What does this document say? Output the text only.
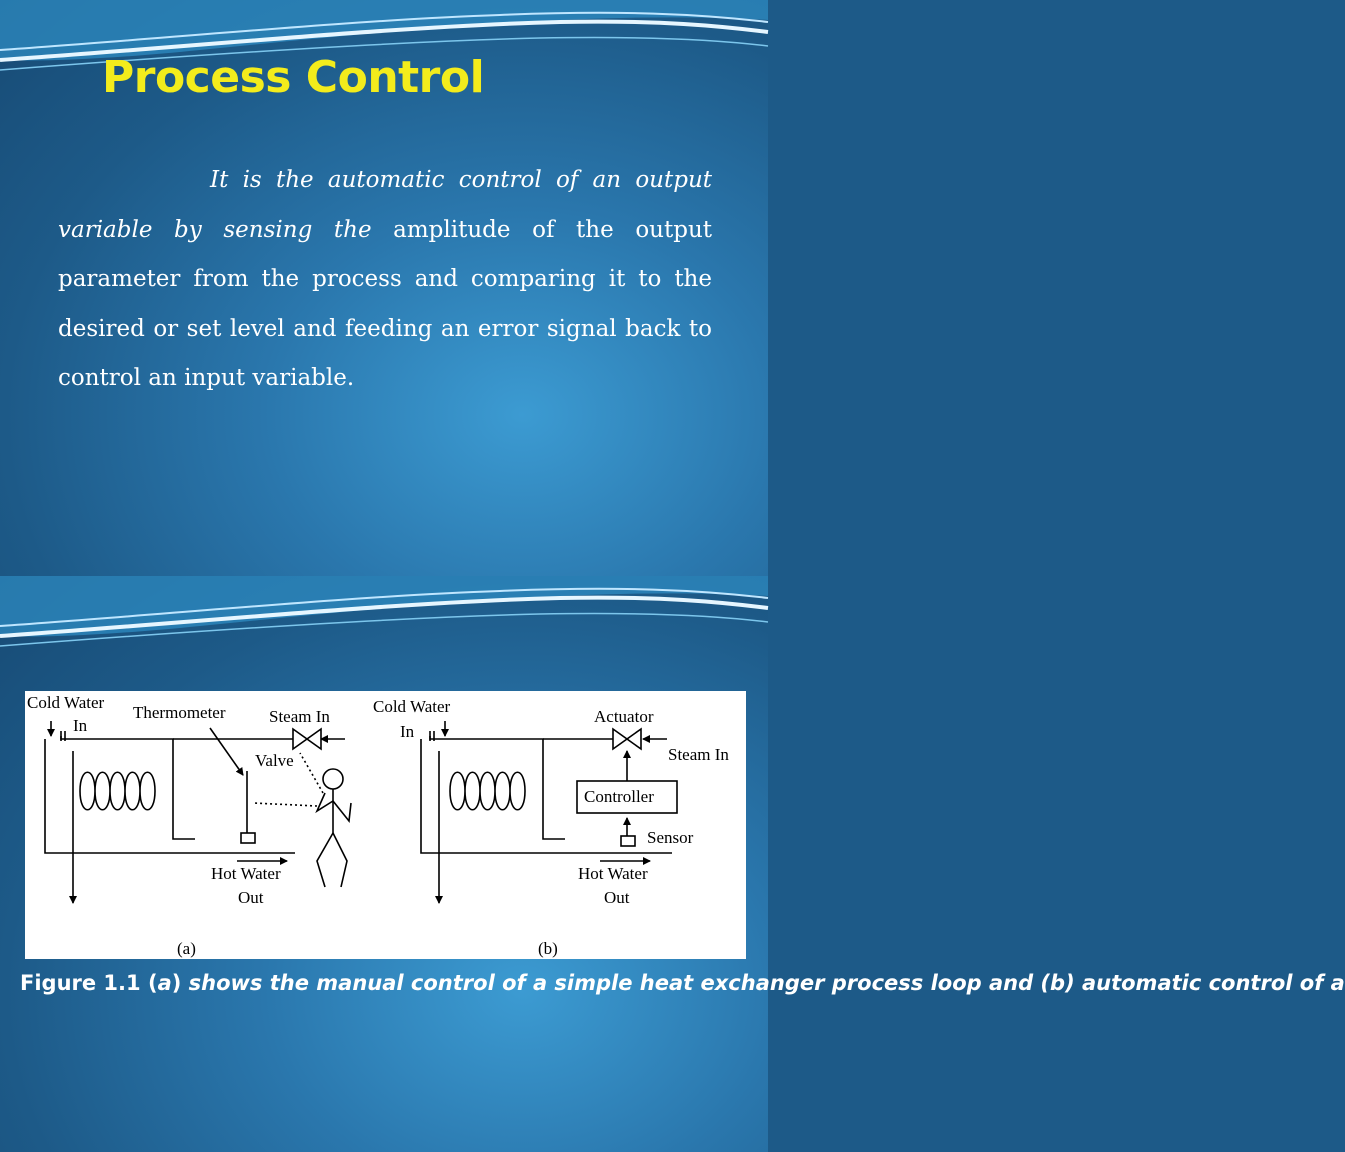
Process Control

It is the automatic control of an output variable by sensing the amplitude of the output parameter from the process and comparing it to the desired or set level and feeding an error signal back to control an input variable.

Cold Water
In
Thermometer	Steam In
Valve
Hot Water
Out
(a)
Cold Water
In
Actuator
Steam In
Controller
Sensor
Hot Water
Out
(b)

Figure 1.1 (a) shows the manual control of a simple heat exchanger process loop and (b) automatic control of a
